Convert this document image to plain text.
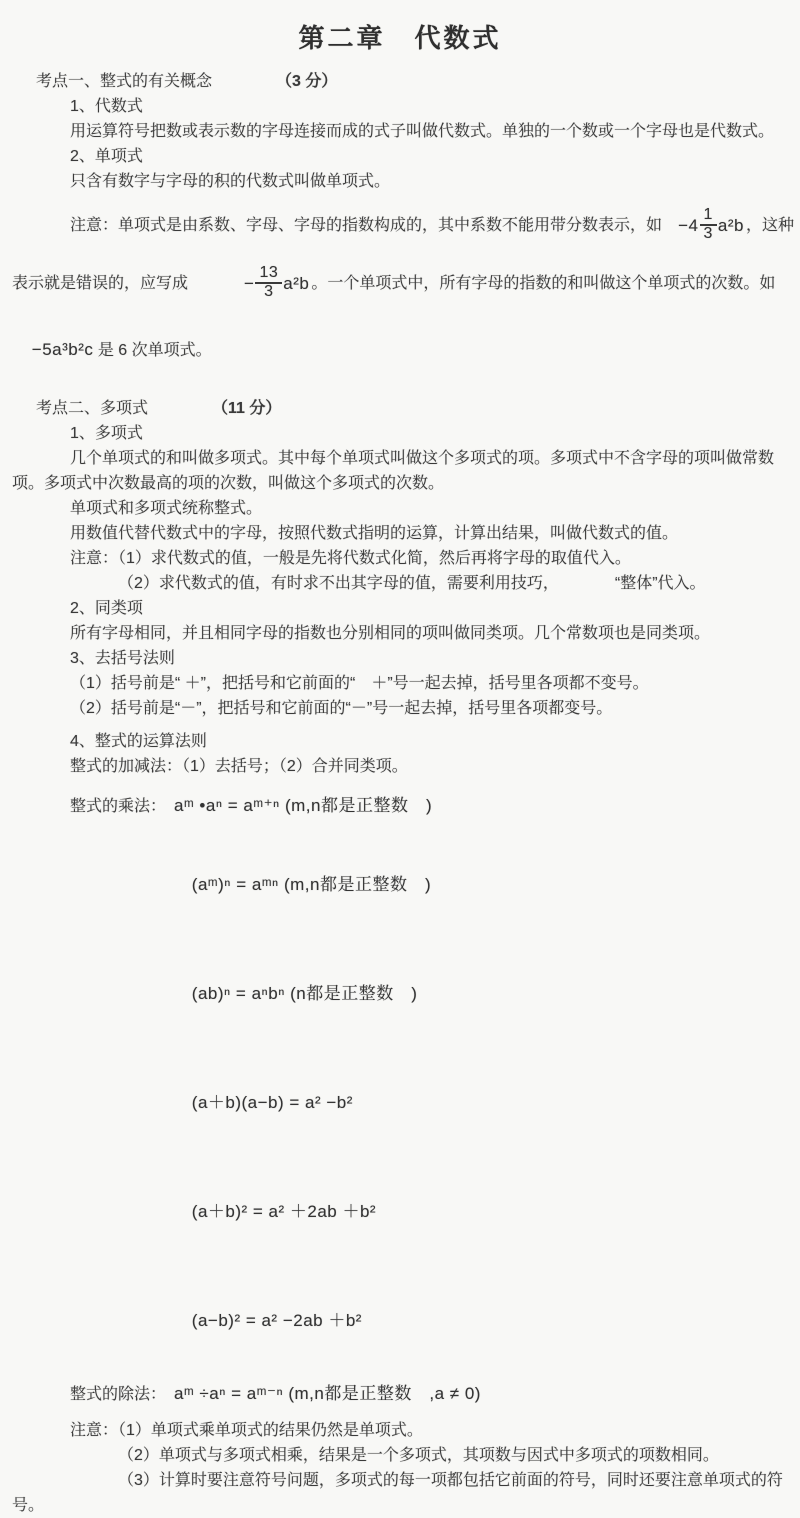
第二章　代数式
考点一、整式的有关概念	（3 分）
1、代数式
用运算符号把数或表示数的字母连接而成的式子叫做代数式。单独的一个数或一个字母也是代数式。
2、单项式
只含有数字与字母的积的代数式叫做单项式。
注意：单项式是由系数、字母、字母的指数构成的，其中系数不能用带分数表示，如 $-4 \frac{1}{3} a^2b$ ，这种
表示就是错误的，应写成	− $\frac{13}{3} a^2b$ 。一个单项式中，所有字母的指数的和叫做这个单项式的次数。如

−5a³b²c 是 6 次单项式。

考点二、多项式	（11 分）
1、多项式
几个单项式的和叫做多项式。其中每个单项式叫做这个多项式的项。多项式中不含字母的项叫做常数
项。多项式中次数最高的项的次数，叫做这个多项式的次数。
单项式和多项式统称整式。
用数值代替代数式中的字母，按照代数式指明的运算，计算出结果，叫做代数式的值。
注意：（1）求代数式的值，一般是先将代数式化简，然后再将字母的取值代入。
（2）求代数式的值，有时求不出其字母的值，需要利用技巧，　　　　“整体”代入。
2、同类项
所有字母相同，并且相同字母的指数也分别相同的项叫做同类项。几个常数项也是同类项。
3、去括号法则
（1）括号前是“ ＋”，把括号和它前面的“　＋”号一起去掉，括号里各项都不变号。
（2）括号前是“－”，把括号和它前面的“－”号一起去掉，括号里各项都变号。
4、整式的运算法则
整式的加减法：（1）去括号；（2）合并同类项。
整式的乘法： aᵐ •aⁿ = aᵐ⁺ⁿ (m,n都是正整数　)

(aᵐ)ⁿ = aᵐⁿ (m,n都是正整数　)

(ab)ⁿ = aⁿbⁿ (n都是正整数　)

(a＋b)(a−b) = a² −b²

(a＋b)² = a² ＋2ab ＋b²

(a−b)² = a² −2ab ＋b²

整式的除法： aᵐ ÷aⁿ = aᵐ⁻ⁿ (m,n都是正整数　,a ≠ 0)
注意：（1）单项式乘单项式的结果仍然是单项式。
（2）单项式与多项式相乘，结果是一个多项式，其项数与因式中多项式的项数相同。
（3）计算时要注意符号问题，多项式的每一项都包括它前面的符号，同时还要注意单项式的符
号。
